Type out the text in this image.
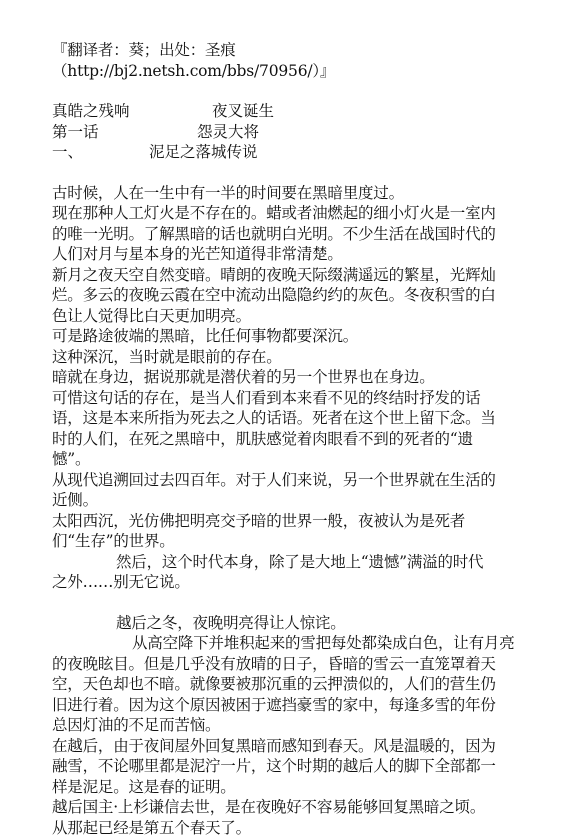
『翻译者：葵；出处：圣痕
（http://bj2.netsh.com/bbs/70956/）』
真皓之残响	夜叉诞生
第一话	怨灵大将
一、	泥足之落城传说
古时候，人在一生中有一半的时间要在黑暗里度过。
现在那种人工灯火是不存在的。蜡或者油燃起的细小灯火是一室内
的唯一光明。了解黑暗的话也就明白光明。不少生活在战国时代的
人们对月与星本身的光芒知道得非常清楚。
新月之夜天空自然变暗。晴朗的夜晚天际缀满遥远的繁星，光辉灿
烂。多云的夜晚云霞在空中流动出隐隐约约的灰色。冬夜积雪的白
色让人觉得比白天更加明亮。
可是路途彼端的黑暗，比任何事物都要深沉。
这种深沉，当时就是眼前的存在。
暗就在身边，据说那就是潜伏着的另一个世界也在身边。
可惜这句话的存在，是当人们看到本来看不见的终结时抒发的话
语，这是本来所指为死去之人的话语。死者在这个世上留下念。当
时的人们，在死之黑暗中，肌肤感觉着肉眼看不到的死者的“遗
憾”。
从现代追溯回过去四百年。对于人们来说，另一个世界就在生活的
近侧。
太阳西沉，光仿佛把明亮交予暗的世界一般，夜被认为是死者
们“生存”的世界。
然后，这个时代本身，除了是大地上“遗憾”满溢的时代
之外……别无它说。
越后之冬，夜晚明亮得让人惊诧。
从高空降下并堆积起来的雪把每处都染成白色，让有月亮
的夜晚眩目。但是几乎没有放晴的日子，昏暗的雪云一直笼罩着天
空，天色却也不暗。就像要被那沉重的云押溃似的，人们的营生仍
旧进行着。因为这个原因被困于遮挡豪雪的家中，每逢多雪的年份
总因灯油的不足而苦恼。
在越后，由于夜间屋外回复黑暗而感知到春天。风是温暖的，因为
融雪，不论哪里都是泥泞一片，这个时期的越后人的脚下全部都一
样是泥足。这是春的证明。
越后国主·上杉谦信去世，是在夜晚好不容易能够回复黑暗之顷。
从那起已经是第五个春天了。
